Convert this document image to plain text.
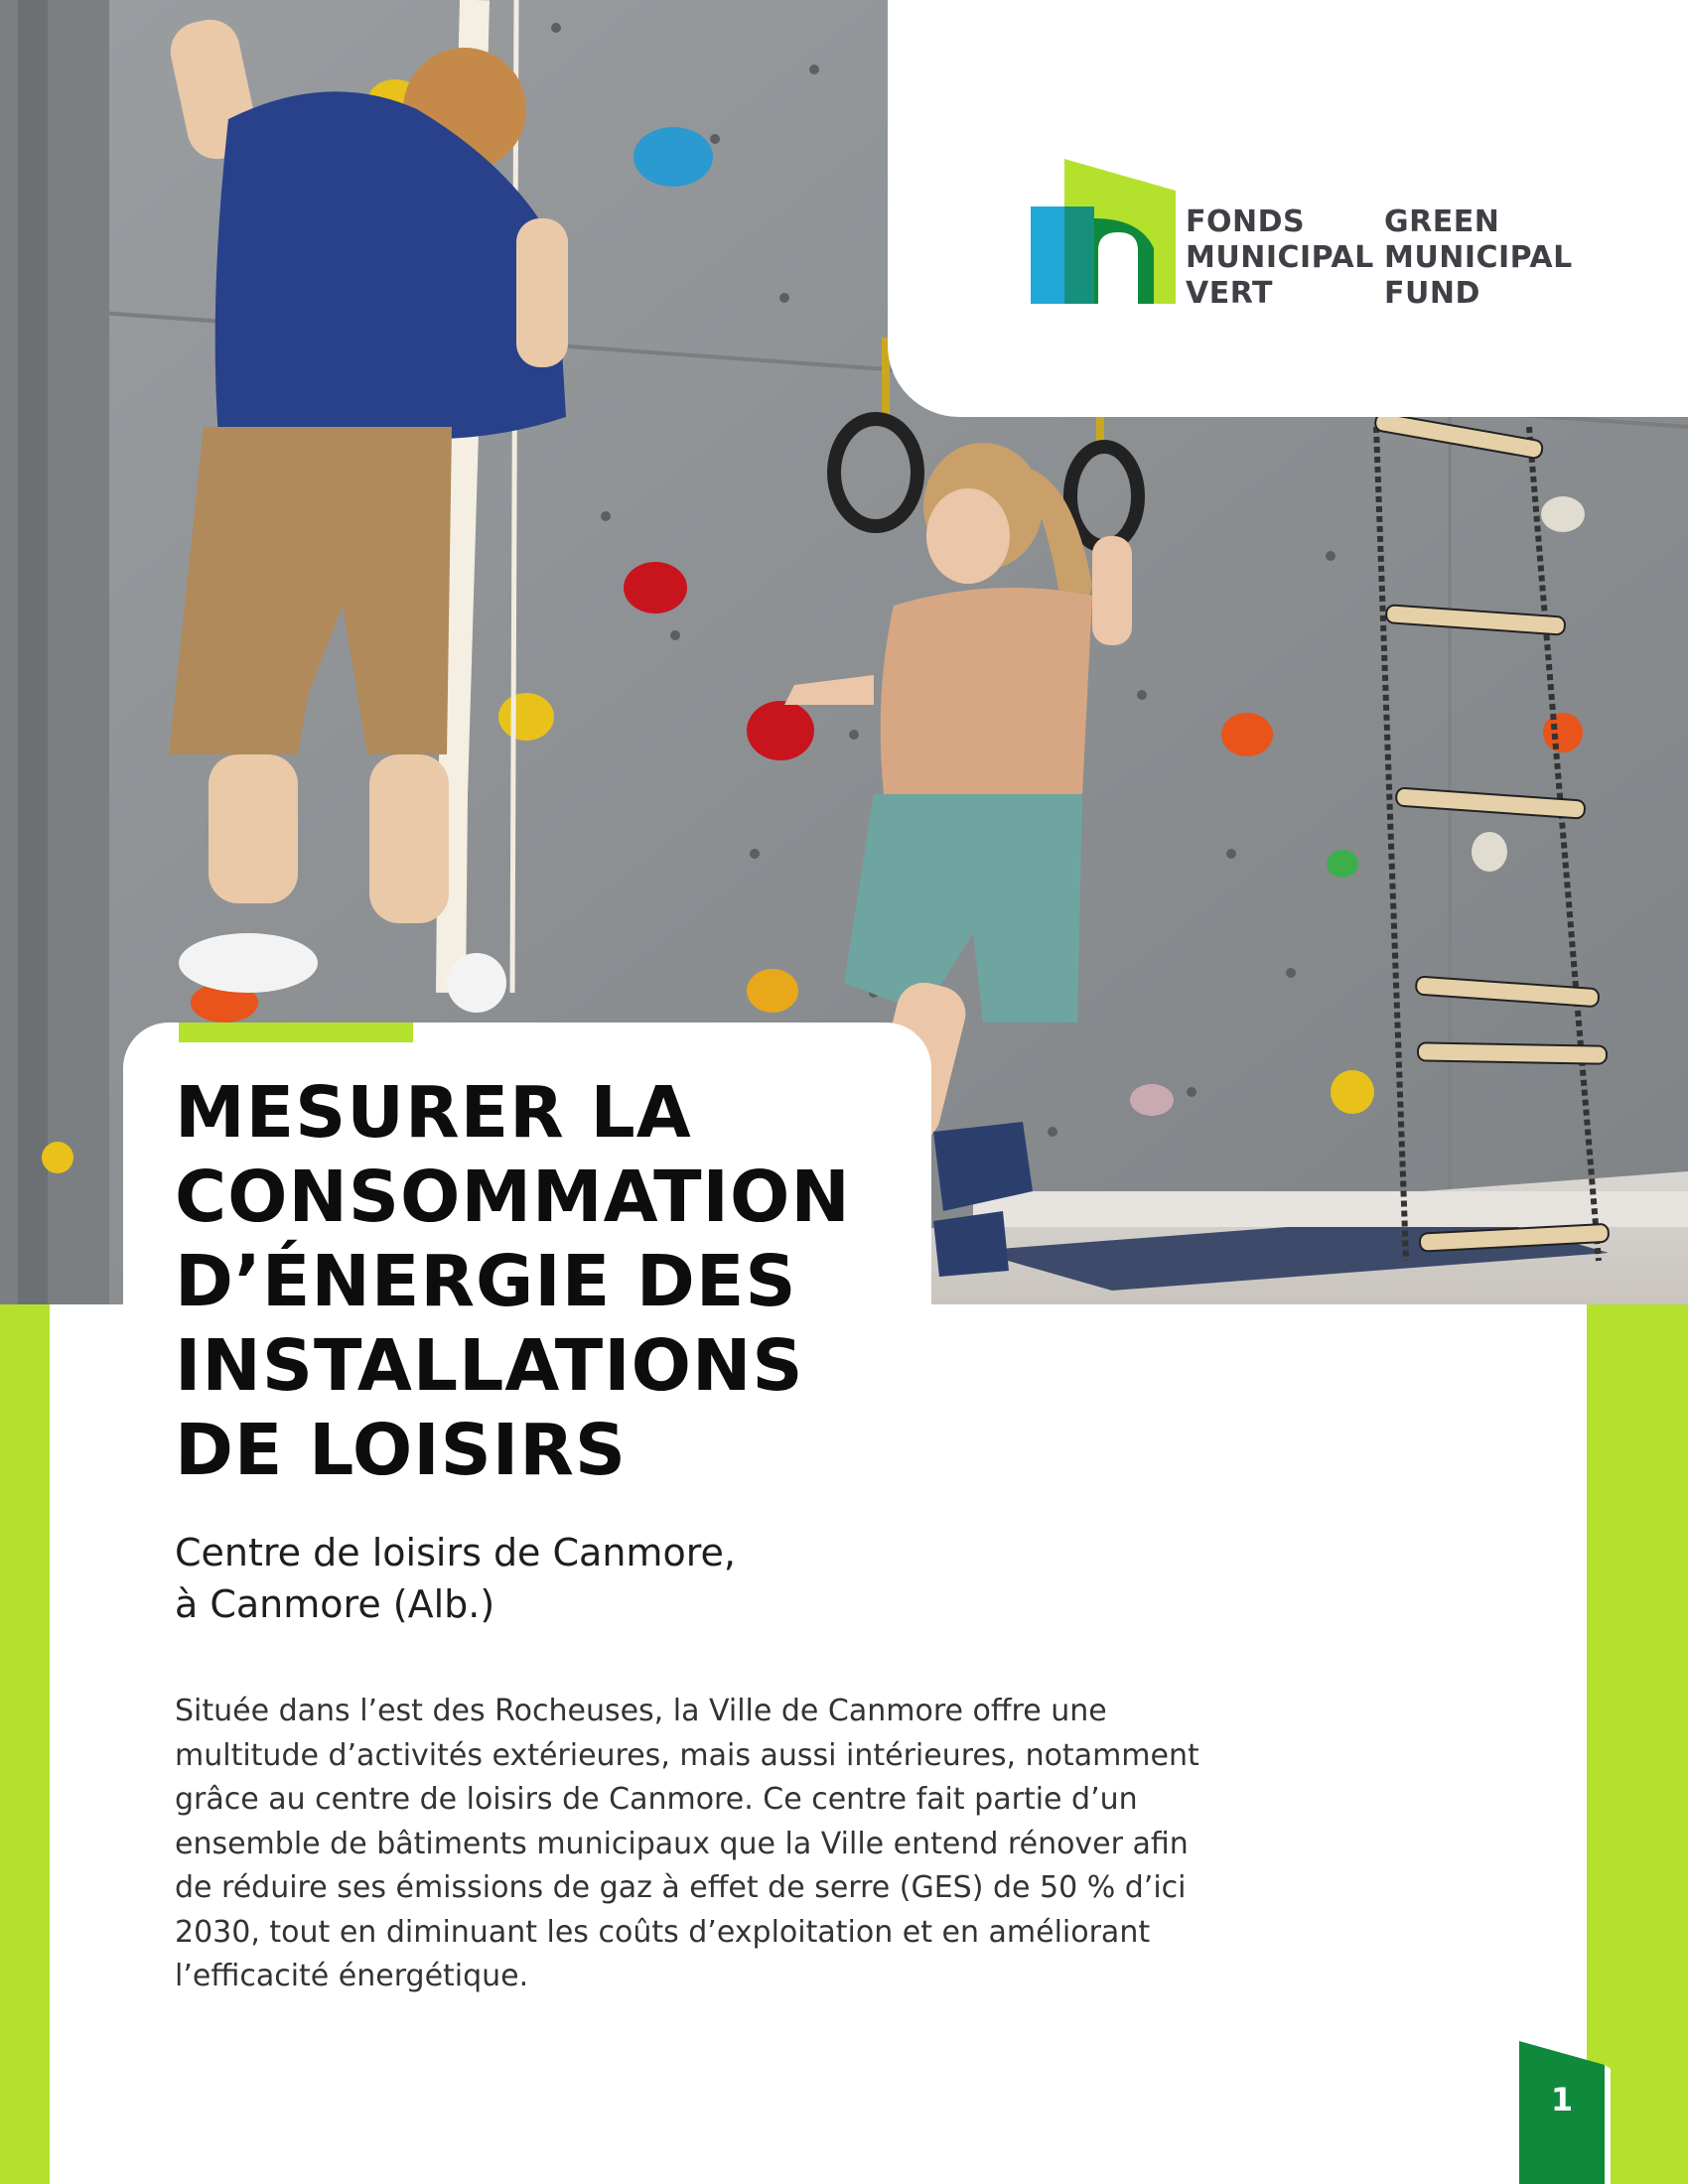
FONDS
MUNICIPAL
VERT
GREEN
MUNICIPAL
FUND
MESURER LA
CONSOMMATION
D’ÉNERGIE DES
INSTALLATIONS
DE LOISIRS
Centre de loisirs de Canmore,
à Canmore (Alb.)
Située dans l’est des Rocheuses, la Ville de Canmore offre une
multitude d’activités extérieures, mais aussi intérieures, notamment
grâce au centre de loisirs de Canmore. Ce centre fait partie d’un
ensemble de bâtiments municipaux que la Ville entend rénover afin
de réduire ses émissions de gaz à effet de serre (GES) de 50 % d’ici
2030, tout en diminuant les coûts d’exploitation et en améliorant
l’efficacité énergétique.
1
